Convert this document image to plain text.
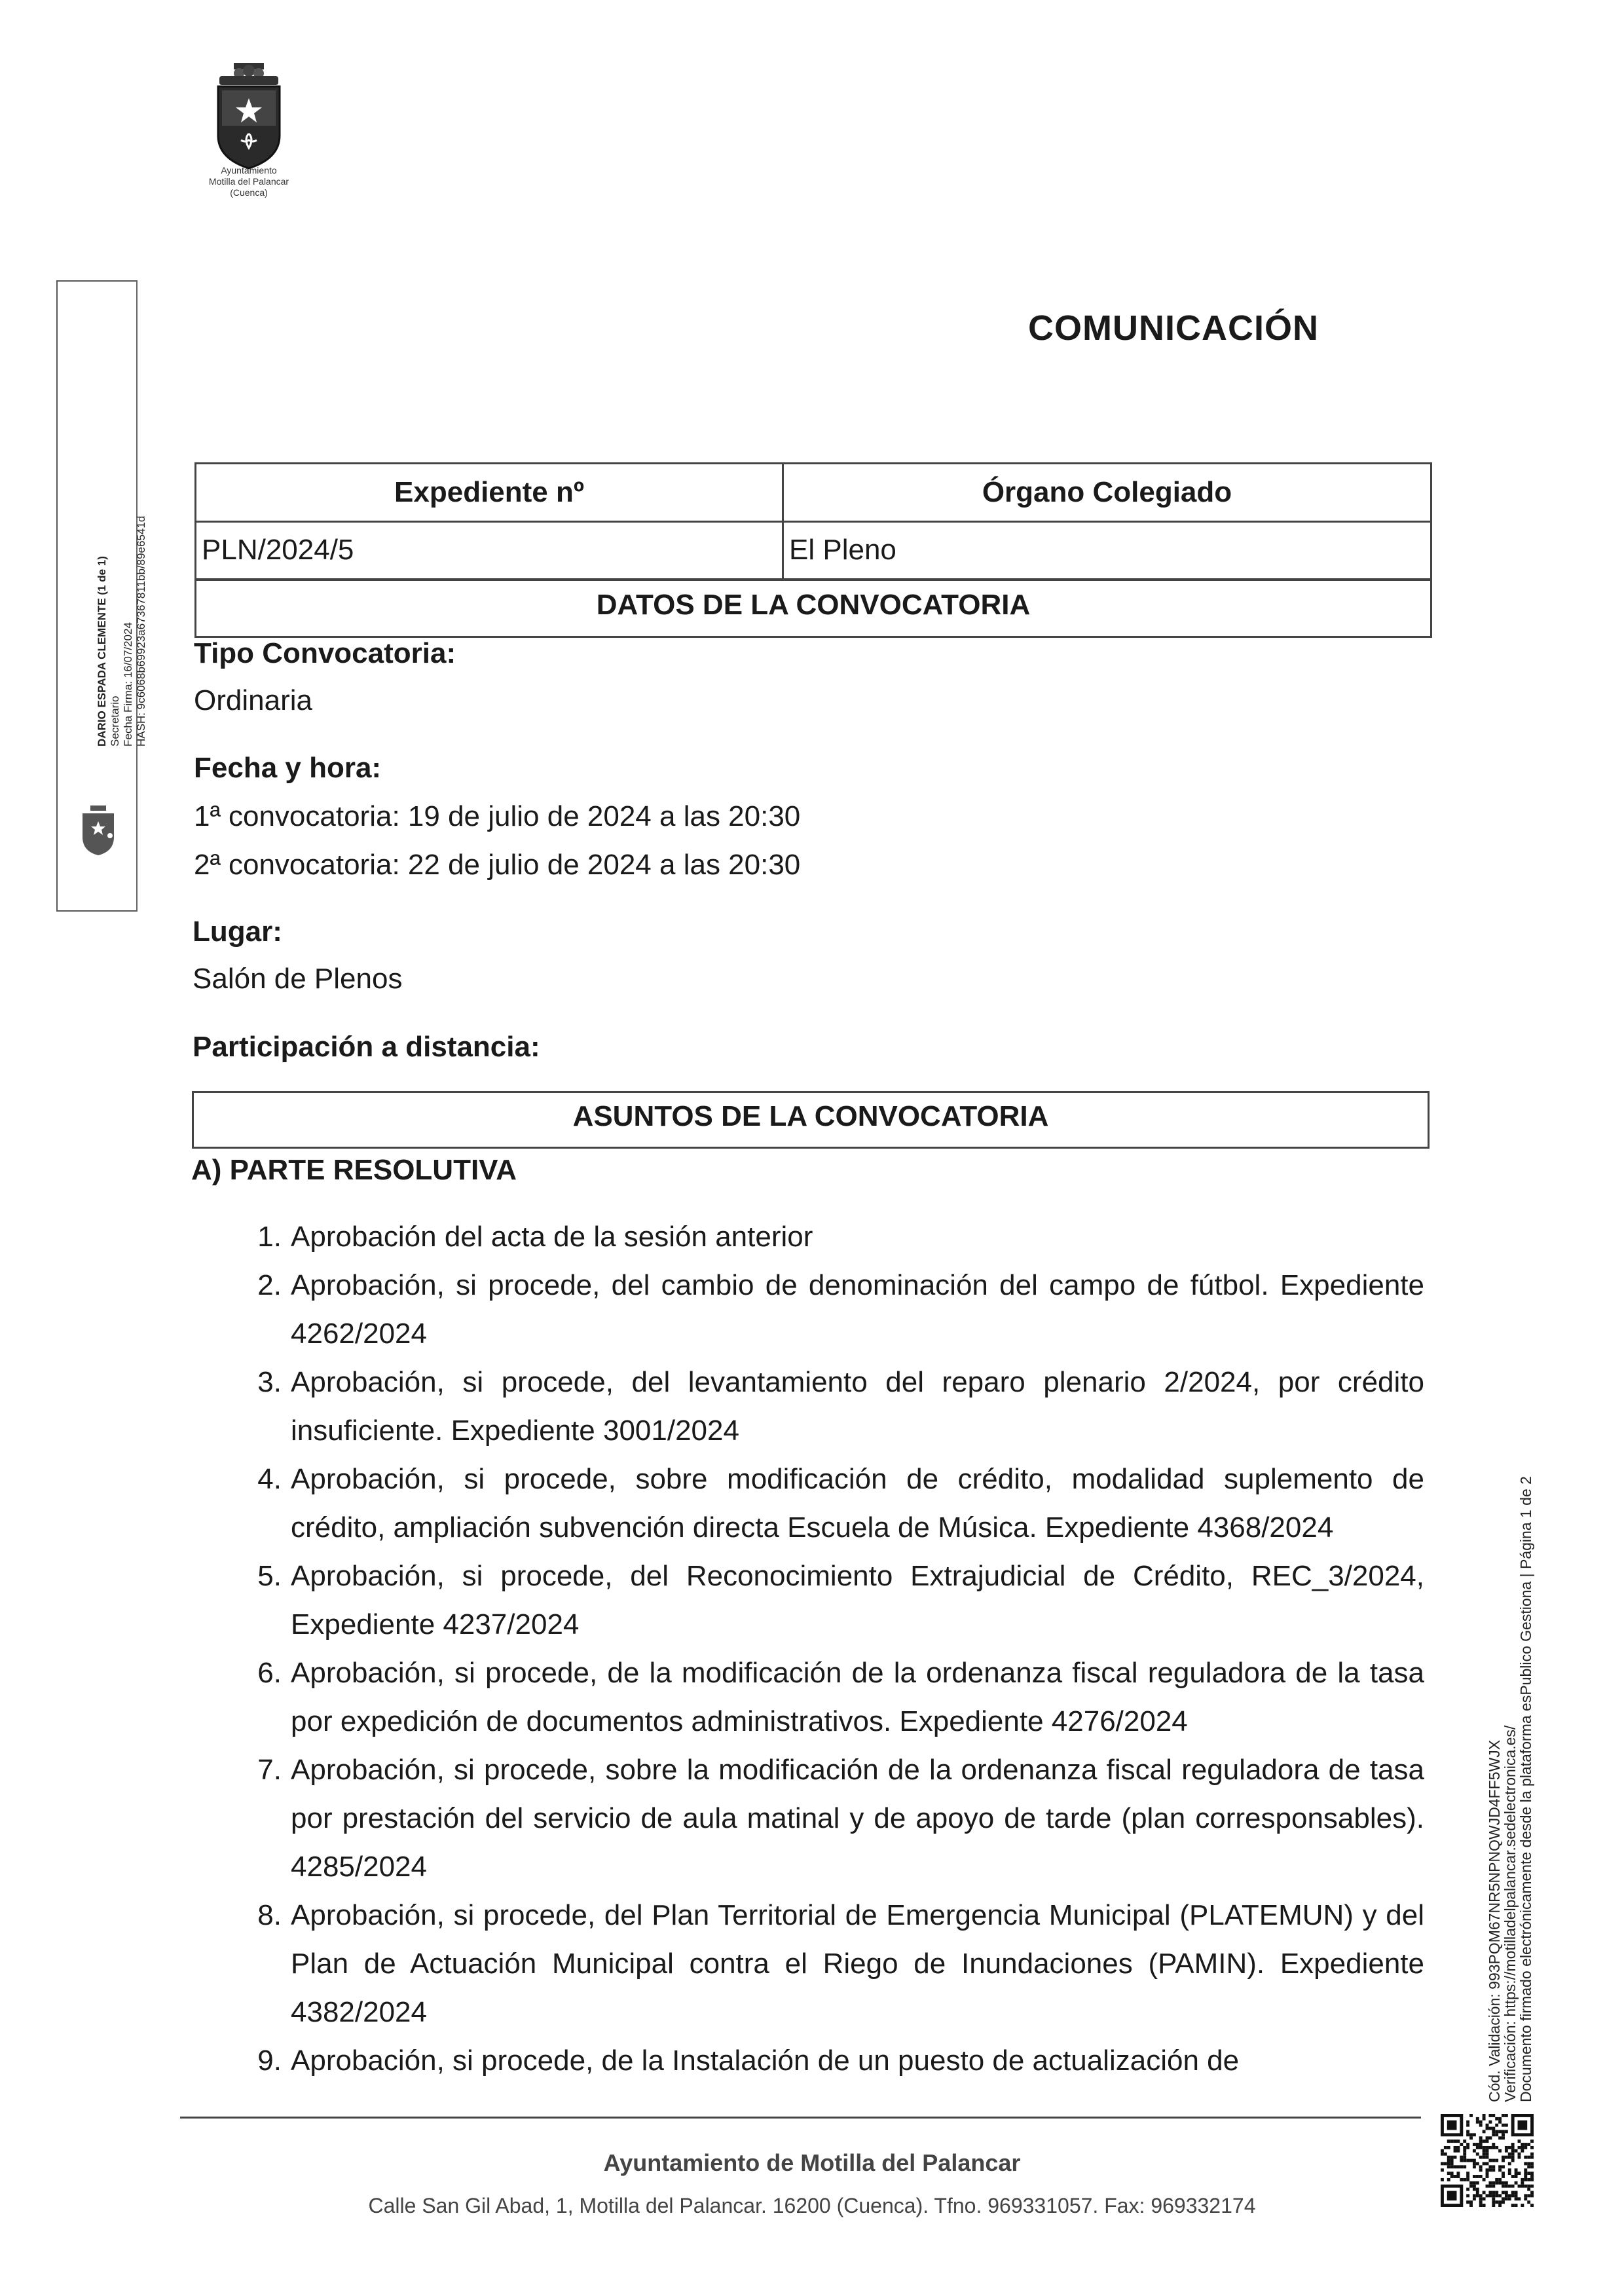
Ayuntamiento
Motilla del Palancar
(Cuenca)
DARIO ESPADA CLEMENTE (1 de 1) Secretario Fecha Firma: 16/07/2024 HASH: 9c6068b69923a67367811bb/89e6541d
COMUNICACIÓN
Expediente nº	Órgano Colegiado
PLN/2024/5	El Pleno
DATOS DE LA CONVOCATORIA
Tipo Convocatoria:
Ordinaria
Fecha y hora:
1ª convocatoria: 19 de julio de 2024 a las 20:30
2ª convocatoria: 22 de julio de 2024 a las 20:30
Lugar:
Salón de Plenos
Participación a distancia:
ASUNTOS DE LA CONVOCATORIA
A) PARTE RESOLUTIVA
1. Aprobación del acta de la sesión anterior
2. Aprobación, si procede, del cambio de denominación del campo de fútbol. Expediente 4262/2024
3. Aprobación, si procede, del levantamiento del reparo plenario 2/2024, por crédito insuficiente. Expediente 3001/2024
4. Aprobación, si procede, sobre modificación de crédito, modalidad suplemento de crédito, ampliación subvención directa Escuela de Música. Expediente 4368/2024
5. Aprobación, si procede, del Reconocimiento Extrajudicial de Crédito, REC_3/2024, Expediente 4237/2024
6. Aprobación, si procede, de la modificación de la ordenanza fiscal reguladora de la tasa por expedición de documentos administrativos. Expediente 4276/2024
7. Aprobación, si procede, sobre la modificación de la ordenanza fiscal reguladora de tasa por prestación del servicio de aula matinal y de apoyo de tarde (plan corresponsables). 4285/2024
8. Aprobación, si procede, del Plan Territorial de Emergencia Municipal (PLATEMUN) y del Plan de Actuación Municipal contra el Riego de Inundaciones (PAMIN). Expediente 4382/2024
9. Aprobación, si procede, de la Instalación de un puesto de actualización de	Cód. Validación: 993PQM67NR5NPNQWJD4FF5WJX
Verificación: https://motilladelpalancar.sedelectronica.es/
Documento firmado electrónicamente desde la plataforma esPublico Gestiona | Página 1 de 2
Ayuntamiento de Motilla del Palancar
Calle San Gil Abad, 1, Motilla del Palancar. 16200 (Cuenca). Tfno. 969331057. Fax: 969332174
